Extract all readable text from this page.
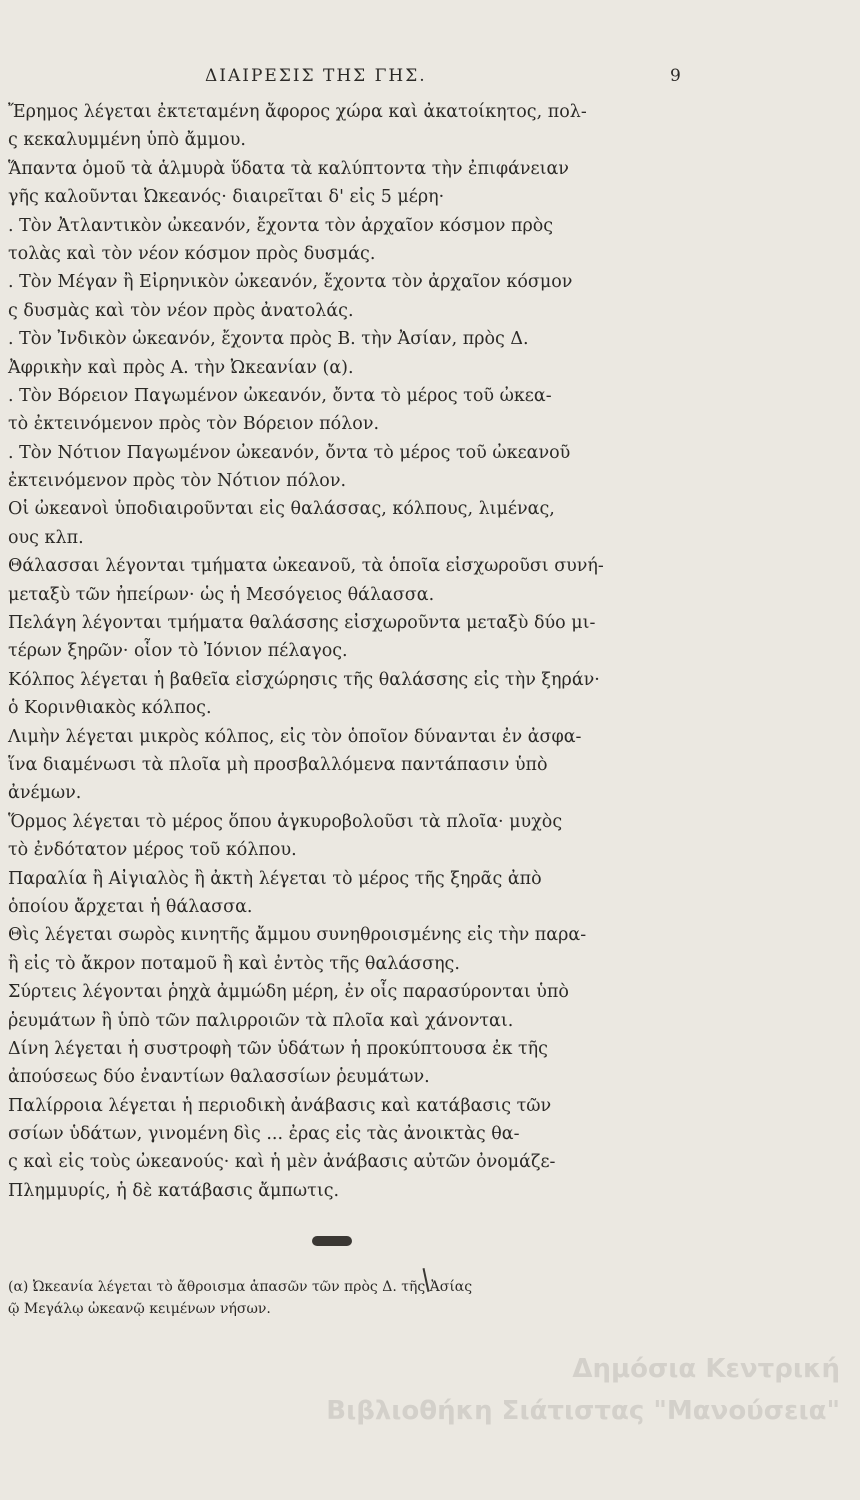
ΔΙΑΙΡΕΣΙΣ ΤΗΣ ΓΗΣ.	9
Ἔρημος λέγεται ἐκτεταμένη ἄφορος χώρα καὶ ἀκατοίκητος, πολ-
ς κεκαλυμμένη ὑπὸ ἄμμου.
Ἅπαντα ὁμοῦ τὰ ἁλμυρὰ ὕδατα τὰ καλύπτοντα τὴν ἐπιφάνειαν
γῆς καλοῦνται Ὠκεανός· διαιρεῖται δ' εἰς 5 μέρη·
. Τὸν Ἀτλαντικὸν ὠκεανόν, ἔχοντα τὸν ἀρχαῖον κόσμον πρὸς
τολὰς καὶ τὸν νέον κόσμον πρὸς δυσμάς.
. Τὸν Μέγαν ἢ Εἰρηνικὸν ὠκεανόν, ἔχοντα τὸν ἀρχαῖον κόσμον
ς δυσμὰς καὶ τὸν νέον πρὸς ἀνατολάς.
. Τὸν Ἰνδικὸν ὠκεανόν, ἔχοντα πρὸς Β. τὴν Ἀσίαν, πρὸς Δ.
Ἀφρικὴν καὶ πρὸς Α. τὴν Ὠκεανίαν (α).
. Τὸν Βόρειον Παγωμένον ὠκεανόν, ὄντα τὸ μέρος τοῦ ὠκεα-
τὸ ἐκτεινόμενον πρὸς τὸν Βόρειον πόλον.
. Τὸν Νότιον Παγωμένον ὠκεανόν, ὄντα τὸ μέρος τοῦ ὠκεανοῦ
ἐκτεινόμενον πρὸς τὸν Νότιον πόλον.
Οἱ ὠκεανοὶ ὑποδιαιροῦνται εἰς θαλάσσας, κόλπους, λιμένας,
ους κλπ.
Θάλασσαι λέγονται τμήματα ὠκεανοῦ, τὰ ὁποῖα εἰσχωροῦσι συνή-
μεταξὺ τῶν ἠπείρων· ὡς ἡ Μεσόγειος θάλασσα.
Πελάγη λέγονται τμήματα θαλάσσης εἰσχωροῦντα μεταξὺ δύο μι-
τέρων ξηρῶν· οἷον τὸ Ἰόνιον πέλαγος.
Κόλπος λέγεται ἡ βαθεῖα εἰσχώρησις τῆς θαλάσσης εἰς τὴν ξηράν·
ὁ Κορινθιακὸς κόλπος.
Λιμὴν λέγεται μικρὸς κόλπος, εἰς τὸν ὁποῖον δύνανται ἐν ἀσφα-
ἵνα διαμένωσι τὰ πλοῖα μὴ προσβαλλόμενα παντάπασιν ὑπὸ
ἀνέμων.
Ὅρμος λέγεται τὸ μέρος ὅπου ἀγκυροβολοῦσι τὰ πλοῖα· μυχὸς
τὸ ἐνδότατον μέρος τοῦ κόλπου.
Παραλία ἢ Αἰγιαλὸς ἢ ἀκτὴ λέγεται τὸ μέρος τῆς ξηρᾶς ἀπὸ
ὁποίου ἄρχεται ἡ θάλασσα.
Θὶς λέγεται σωρὸς κινητῆς ἄμμου συνηθροισμένης εἰς τὴν παρα-
ἢ εἰς τὸ ἄκρον ποταμοῦ ἢ καὶ ἐντὸς τῆς θαλάσσης.
Σύρτεις λέγονται ῥηχὰ ἀμμώδη μέρη, ἐν οἷς παρασύρονται ὑπὸ
ῥευμάτων ἢ ὑπὸ τῶν παλιρροιῶν τὰ πλοῖα καὶ χάνονται.
Δίνη λέγεται ἡ συστροφὴ τῶν ὑδάτων ἡ προκύπτουσα ἐκ τῆς
ἀπούσεως δύο ἐναντίων θαλασσίων ῥευμάτων.
Παλίρροια λέγεται ἡ περιοδικὴ ἀνάβασις καὶ κατάβασις τῶν
σσίων ὑδάτων, γινομένη δὶς ... ἐρας εἰς τὰς ἀνοικτὰς θα-
ς καὶ εἰς τοὺς ὠκεανούς· καὶ ἡ μὲν ἀνάβασις αὐτῶν ὀνομάζε-
Πλημμυρίς, ἡ δὲ κατάβασις ἄμπωτις.
(α) Ὠκεανία λέγεται τὸ ἄθροισμα ἁπασῶν τῶν πρὸς Δ. τῆς Ἀσίας
ῷ Μεγάλῳ ὠκεανῷ κειμένων νήσων.
Δημόσια Κεντρική
Βιβλιοθήκη Σιάτιστας "Μανούσεια"
